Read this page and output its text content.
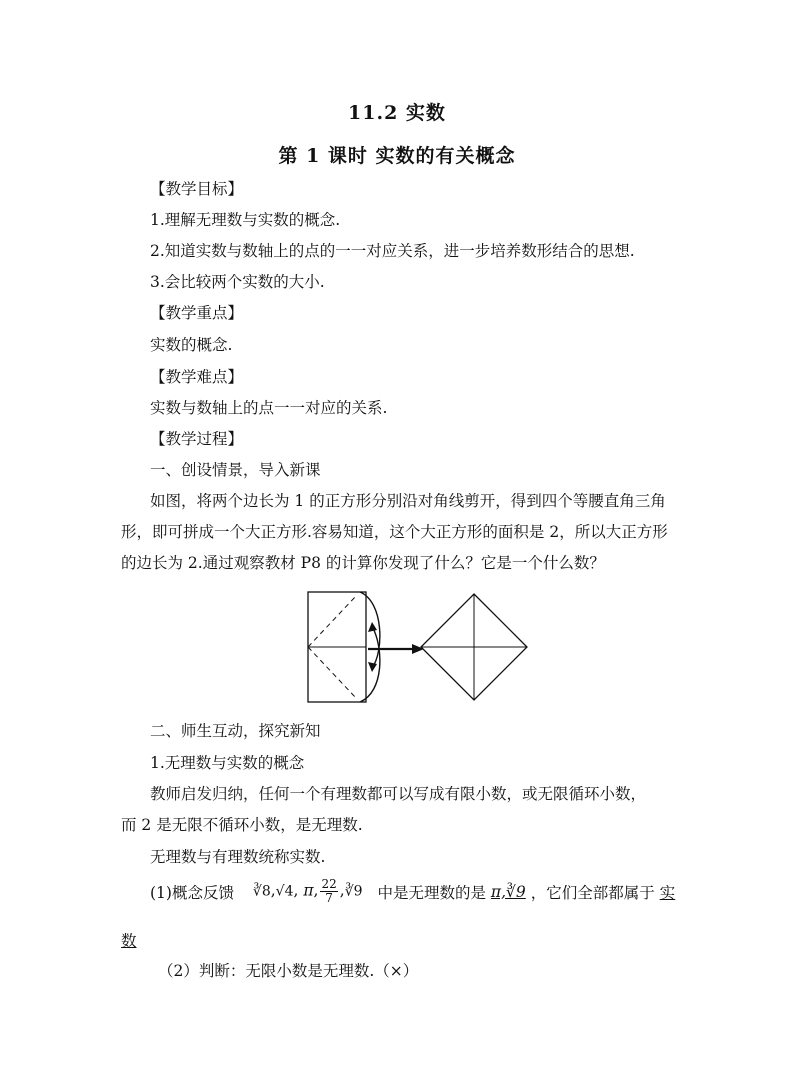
11.2 实数
第 1 课时 实数的有关概念
【教学目标】
1.理解无理数与实数的概念.
2.知道实数与数轴上的点的一一对应关系，进一步培养数形结合的思想.
3.会比较两个实数的大小.
【教学重点】
实数的概念.
【教学难点】
实数与数轴上的点一一对应的关系.
【教学过程】
一、创设情景，导入新课
如图，将两个边长为 1 的正方形分别沿对角线剪开，得到四个等腰直角三角
形，即可拼成一个大正方形.容易知道，这个大正方形的面积是 2，所以大正方形
的边长为 2.通过观察教材 P8 的计算你发现了什么？它是一个什么数？
二、师生互动，探究新知
1.无理数与实数的概念
教师启发归纳，任何一个有理数都可以写成有限小数，或无限循环小数，
而 2 是无限不循环小数，是无理数.
无理数与有理数统称实数.
(1)概念反馈 ∛8,√4, π, $\frac{22}{7}$ ,∛9 中是无理数的是 π,∛9 ，它们全部都属于 实
数
（2）判断：无限小数是无理数.（×）
